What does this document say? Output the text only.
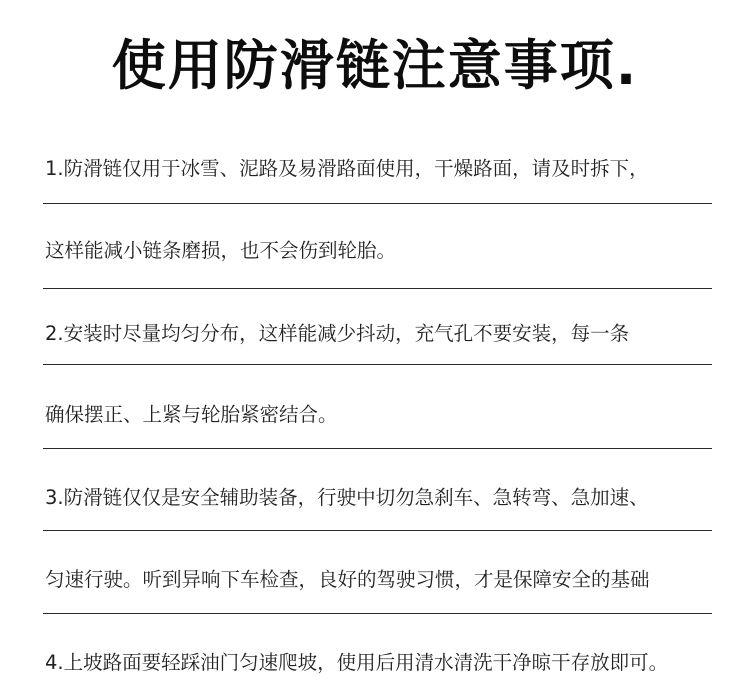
使用防滑链注意事项.

1.防滑链仅用于冰雪、泥路及易滑路面使用，干燥路面，请及时拆下，

这样能减小链条磨损，也不会伤到轮胎。

2.安装时尽量均匀分布，这样能减少抖动，充气孔不要安装，每一条

确保摆正、上紧与轮胎紧密结合。

3.防滑链仅仅是安全辅助装备，行驶中切勿急刹车、急转弯、急加速、

匀速行驶。听到异响下车检查，良好的驾驶习惯，才是保障安全的基础

4.上坡路面要轻踩油门匀速爬坡，使用后用清水清洗干净晾干存放即可。
